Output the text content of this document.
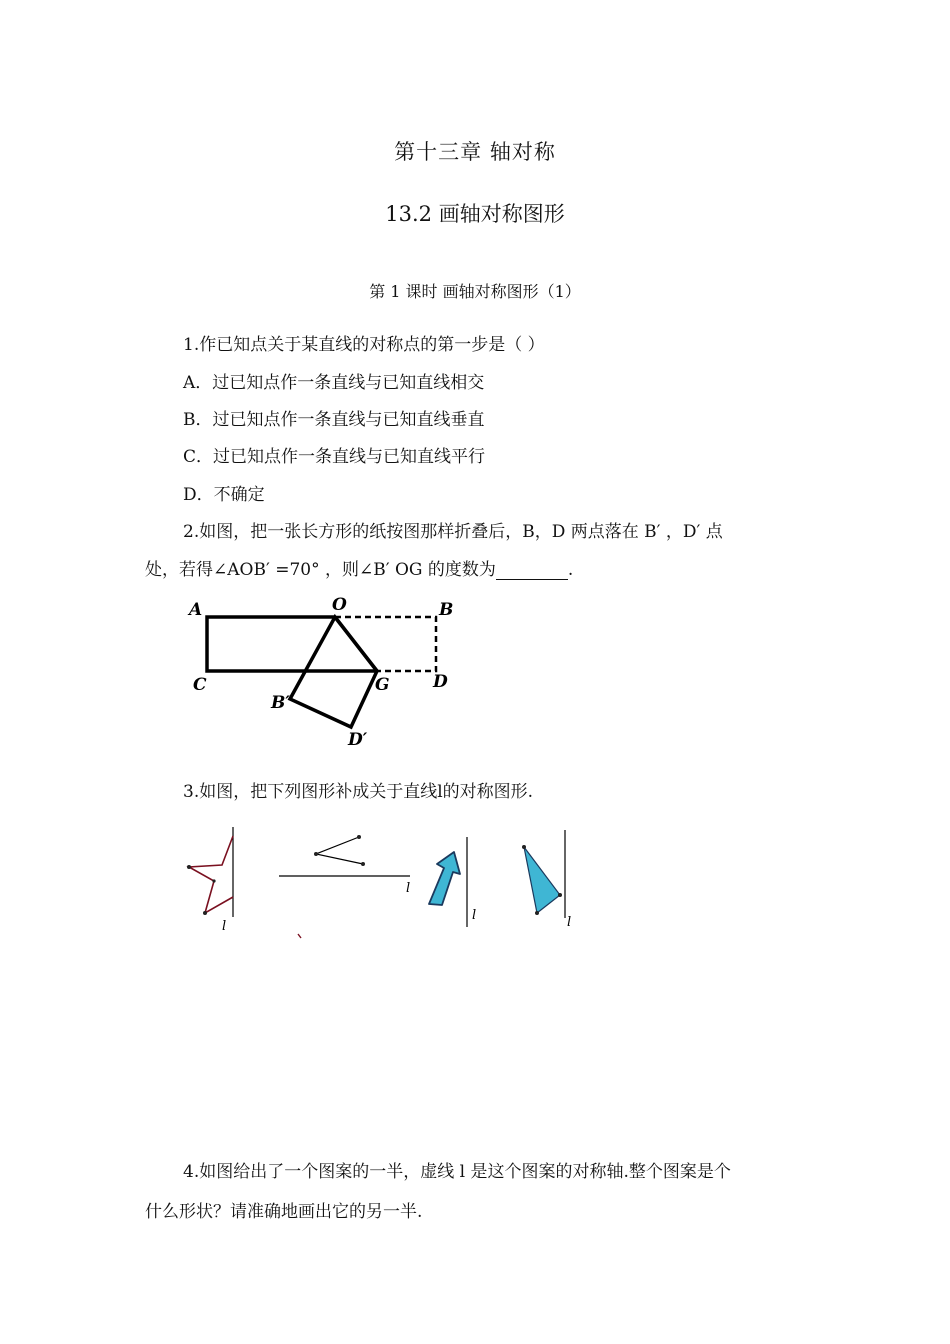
第十三章 轴对称
13.2 画轴对称图形
第 1 课时 画轴对称图形（1）
1.作已知点关于某直线的对称点的第一步是（ ）
A．过已知点作一条直线与已知直线相交
B．过已知点作一条直线与已知直线垂直
C．过已知点作一条直线与已知直线平行
D．不确定
2.如图，把一张长方形的纸按图那样折叠后，B，D 两点落在 B′ ，D′ 点
处，若得∠AOB′ =70° ，则∠B′ OG 的度数为	.
A	O	B
C	G	D
B′
D′
3.如图，把下列图形补成关于直线l的对称图形.
l
l
l	l
4.如图给出了一个图案的一半，虚线 l 是这个图案的对称轴.整个图案是个
什么形状？请准确地画出它的另一半.
